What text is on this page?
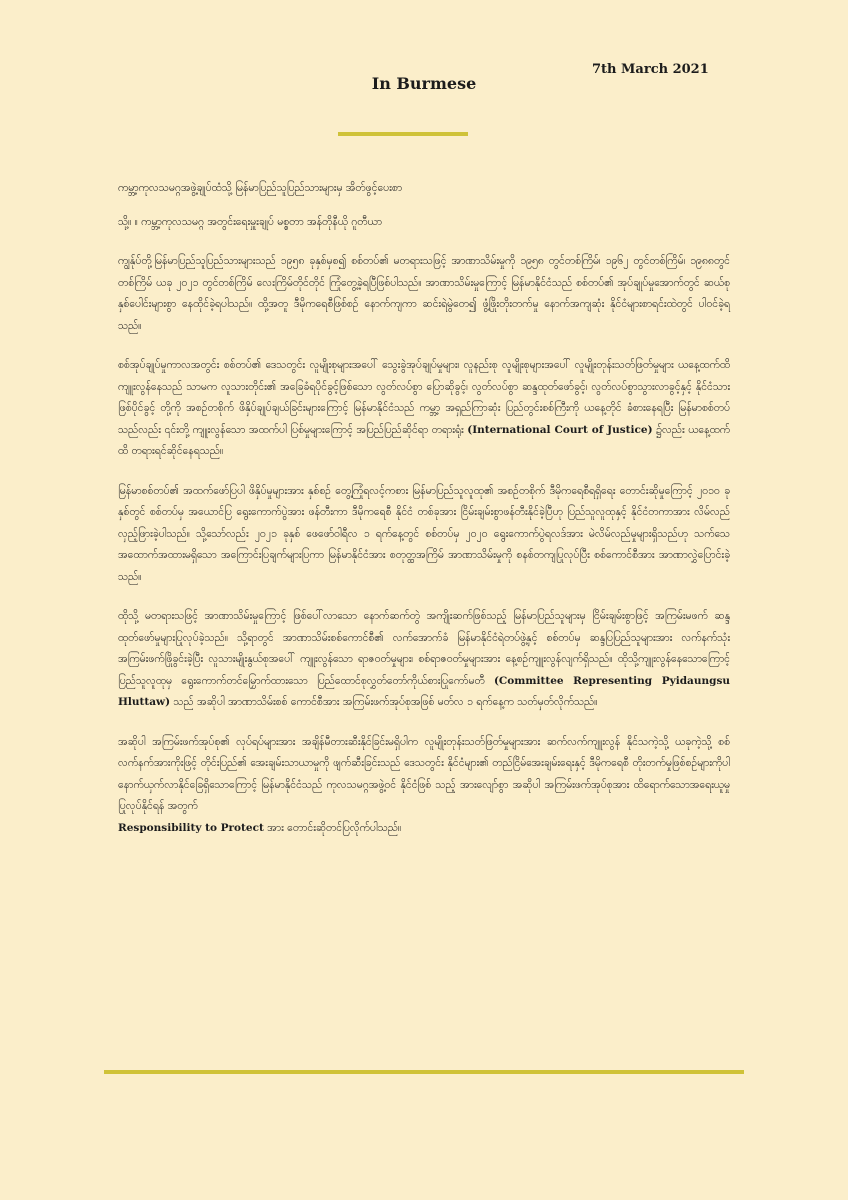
7th March 2021
In Burmese

ကမ္ဘာ့ကုလသမဂ္ဂအဖွဲ့ချုပ်ထံသို့ မြန်မာပြည်သူပြည်သားများမှ အိတ်ဖွင့်ပေးစာ

သို့။ ။ ကမ္ဘာ့ကုလသမဂ္ဂ အတွင်းရေးမှူးချုပ် မစ္စတာ အန်တိုနီယို ဂူတီယာ

ကျွန်ုပ်တို့မြန်မာပြည်သူပြည်သားများသည် ၁၉၅၈ ခုနှစ်မှစ၍ စစ်တပ်၏ မတရားသဖြင့် အာဏာသိမ်းမှုကို ၁၉၅၈ တွင်တစ်ကြိမ်၊ ၁၉၆၂ တွင်တစ်ကြိမ်၊ ၁၉၈၈တွင် တစ်ကြိမ် ယခု ၂၀၂၁ တွင်တစ်ကြိမ် လေးကြိမ်တိုင်တိုင် ကြုံတွေ့ခဲ့ရပြီဖြစ်ပါသည်။ အာဏာသိမ်းမှုကြောင့် မြန်မာနိုင်ငံသည် စစ်တပ်၏ အုပ်ချုပ်မှုအောက်တွင် ဆယ်စုနှစ်ပေါင်းများစွာ နေထိုင်ခဲ့ရပါသည်။ ထို့အတူ ဒီမိုကရေစီဖြစ်စဉ် နောက်ကျကာ ဆင်းရဲမွဲတေ၍ ဖွံ့ဖြိုးတိုးတက်မှု နောက်အကျဆုံး နိုင်ငံများစာရင်းထဲတွင် ပါဝင်ခဲ့ရသည်။

စစ်အုပ်ချုပ်မှုကာလအတွင်း စစ်တပ်၏ ဒေသတွင်း လူမျိုးစုများအပေါ် သွေးခွဲအုပ်ချုပ်မှုများ၊ လူနည်းစု လူမျိုးစုများအပေါ် လူမျိုးတုန်းသတ်ဖြတ်မှုများ ယနေ့ထက်ထိ ကျူးလွန်နေသည် သာမက လူသားတိုင်း၏ အခြေခံရပိုင်ခွင့်ဖြစ်သော လွတ်လပ်စွာ ပြောဆိုခွင့်၊ လွတ်လပ်စွာ ဆန္ဒထုတ်ဖော်ခွင့်၊ လွတ်လပ်စွာသွားလာခွင့်နှင့် နိုင်ငံသားဖြစ်ပိုင်ခွင့် တို့ကို အစဉ်တစိုက် ဖိနှိပ်ချုပ်ချယ်ခြင်းများကြောင့် မြန်မာနိုင်ငံသည် ကမ္ဘာ့ အရှည်ကြာဆုံး ပြည်တွင်းစစ်ကြီးကို ယနေ့တိုင် ခံစားနေရပြီး မြန်မာစစ်တပ်သည်လည်း ၎င်းတို့ ကျူးလွန်သော အထက်ပါ ပြစ်မှုများကြောင့် အပြည်ပြည်ဆိုင်ရာ တရားရုံး (International Court of Justice) ၌လည်း ယနေ့ထက်ထိ တရားရင်ဆိုင်နေရသည်။

မြန်မာစစ်တပ်၏ အထက်ဖော်ပြပါ ဖိနှိပ်မှုများအား နှစ်စဉ် တွေ့ကြုံရလင့်ကစား မြန်မာပြည်သူလူထု၏ အစဉ်တစိုက် ဒီမိုကရေစီရရှိရေး တောင်းဆိုမှုကြောင့် ၂၀၁၀ ခုနှစ်တွင် စစ်တပ်မှ အယောင်ပြ ရွေးကောက်ပွဲအား ဖန်တီးကာ ဒီမိုကရေစီ နိုင်ငံ တစ်ခုအား ငြိမ်းချမ်းစွာဖန်တီးနိုင်ခဲ့ပြီဟု ပြည်သူလူထုနှင့် နိုင်ငံတကာအား လိမ်လည်လှည့်ဖြားခဲ့ပါသည်။ သို့သော်လည်း ၂၀၂၁ ခုနှစ် ဖေဖော်ဝါရီလ ၁ ရက်နေ့တွင် စစ်တပ်မှ ၂၀၂၀ ရွေးကောက်ပွဲရလဒ်အား မဲလိမ်လည်မှုများရှိသည်ဟု သက်သေအထောက်အထားမရှိသော အကြောင်းပြချက်များပြကာ မြန်မာနိုင်ငံအား စတုတ္ထအကြိမ် အာဏာသိမ်းမှုကို စနစ်တကျပြုလုပ်ပြီး စစ်ကောင်စီအား အာဏာလွှဲပြောင်းခဲ့သည်။

ထိုသို့ မတရားသဖြင့် အာဏာသိမ်းမှုကြောင့် ဖြစ်ပေါ်လာသော နောက်ဆက်တွဲ အကျိုးဆက်ဖြစ်သည့် မြန်မာပြည်သူများမှ ငြိမ်းချမ်းစွာဖြင့် အကြမ်းမဖက် ဆန္ဒထုတ်ဖော်မှုများပြုလုပ်ခဲ့သည်။ သို့ရာတွင် အာဏာသိမ်းစစ်ကောင်စီ၏ လက်အောက်ခံ မြန်မာနိုင်ငံရဲတပ်ဖွဲ့နှင့် စစ်တပ်မှ ဆန္ဒပြပြည်သူများအား လက်နက်သုံး အကြမ်းဖက်ဖြိုခွင်းခဲ့ပြီး လူသားမျိုးနွယ်စုအပေါ် ကျူးလွန်သော ရာဇဝတ်မှုများ၊ စစ်ရာဇဝတ်မှုများအား နေ့စဉ်ကျူးလွန်လျက်ရှိသည်။ ထိုသို့ကျူးလွန်နေသောကြောင့် ပြည်သူလူထုမှ ရွေးကောက်တင်မြှောက်ထားသော ပြည်ထောင်စုလွှတ်တော်ကိုယ်စားပြုကော်မတီ (Committee Representing Pyidaungsu Hluttaw) သည် အဆိုပါ အာဏာသိမ်းစစ် ကောင်စီအား အကြမ်းဖက်အုပ်စုအဖြစ် မတ်လ ၁ ရက်နေ့က သတ်မှတ်လိုက်သည်။

အဆိုပါ အကြမ်းဖက်အုပ်စု၏ လုပ်ရပ်များအား အချိန်မီတားဆီးနိုင်ခြင်းမရှိပါက လူမျိုးတုန်းသတ်ဖြတ်မှုများအား ဆက်လက်ကျူးလွန် နိုင်သကဲ့သို့ ယခုကဲ့သို့ စစ်လက်နက်အားကိုးဖြင့် တိုင်းပြည်၏ အေးချမ်းသာယာမှုကို ဖျက်ဆီးခြင်းသည် ဒေသတွင်း နိုင်ငံများ၏ တည်ငြိမ်အေးချမ်းရေးနှင့် ဒီမိုကရေစီ တိုးတက်မှုဖြစ်စဉ်များကိုပါ နောက်ယှက်လာနိုင်ခြေရှိသောကြောင့် မြန်မာနိုင်ငံသည် ကုလသမဂ္ဂအဖွဲ့ဝင် နိုင်ငံဖြစ် သည့် အားလျော်စွာ အဆိုပါ အကြမ်းဖက်အုပ်စုအား ထိရောက်သောအရေးယူမှုပြုလုပ်နိုင်ရန် အတွက်
Responsibility to Protect အား တောင်းဆိုတင်ပြလိုက်ပါသည်။
